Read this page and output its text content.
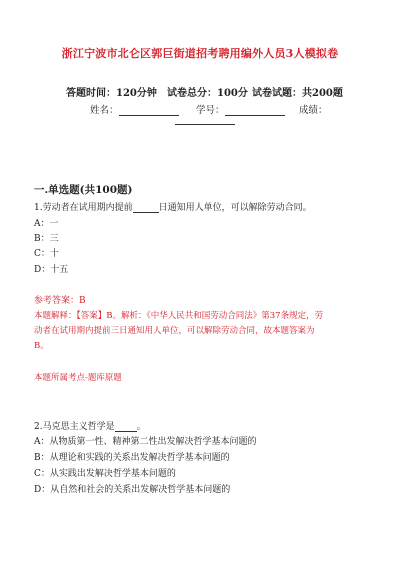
浙江宁波市北仑区郭巨街道招考聘用编外人员3人模拟卷
答题时间：120分钟 试卷总分：100分 试卷试题：共200题
姓名：	学号：	成绩：
一.单选题(共100题)
1.劳动者在试用期内提前	日通知用人单位，可以解除劳动合同。
A：一
B：三
C：十
D：十五
参考答案：B
本题解释：【答案】B。解析：《中华人民共和国劳动合同法》第37条规定，劳
动者在试用期内提前三日通知用人单位，可以解除劳动合同，故本题答案为
B。
本题所属考点-题库原题
2.马克思主义哲学是 。
A：从物质第一性、精神第二性出发解决哲学基本问题的
B：从理论和实践的关系出发解决哲学基本问题的
C：从实践出发解决哲学基本问题的
D：从自然和社会的关系出发解决哲学基本问题的
